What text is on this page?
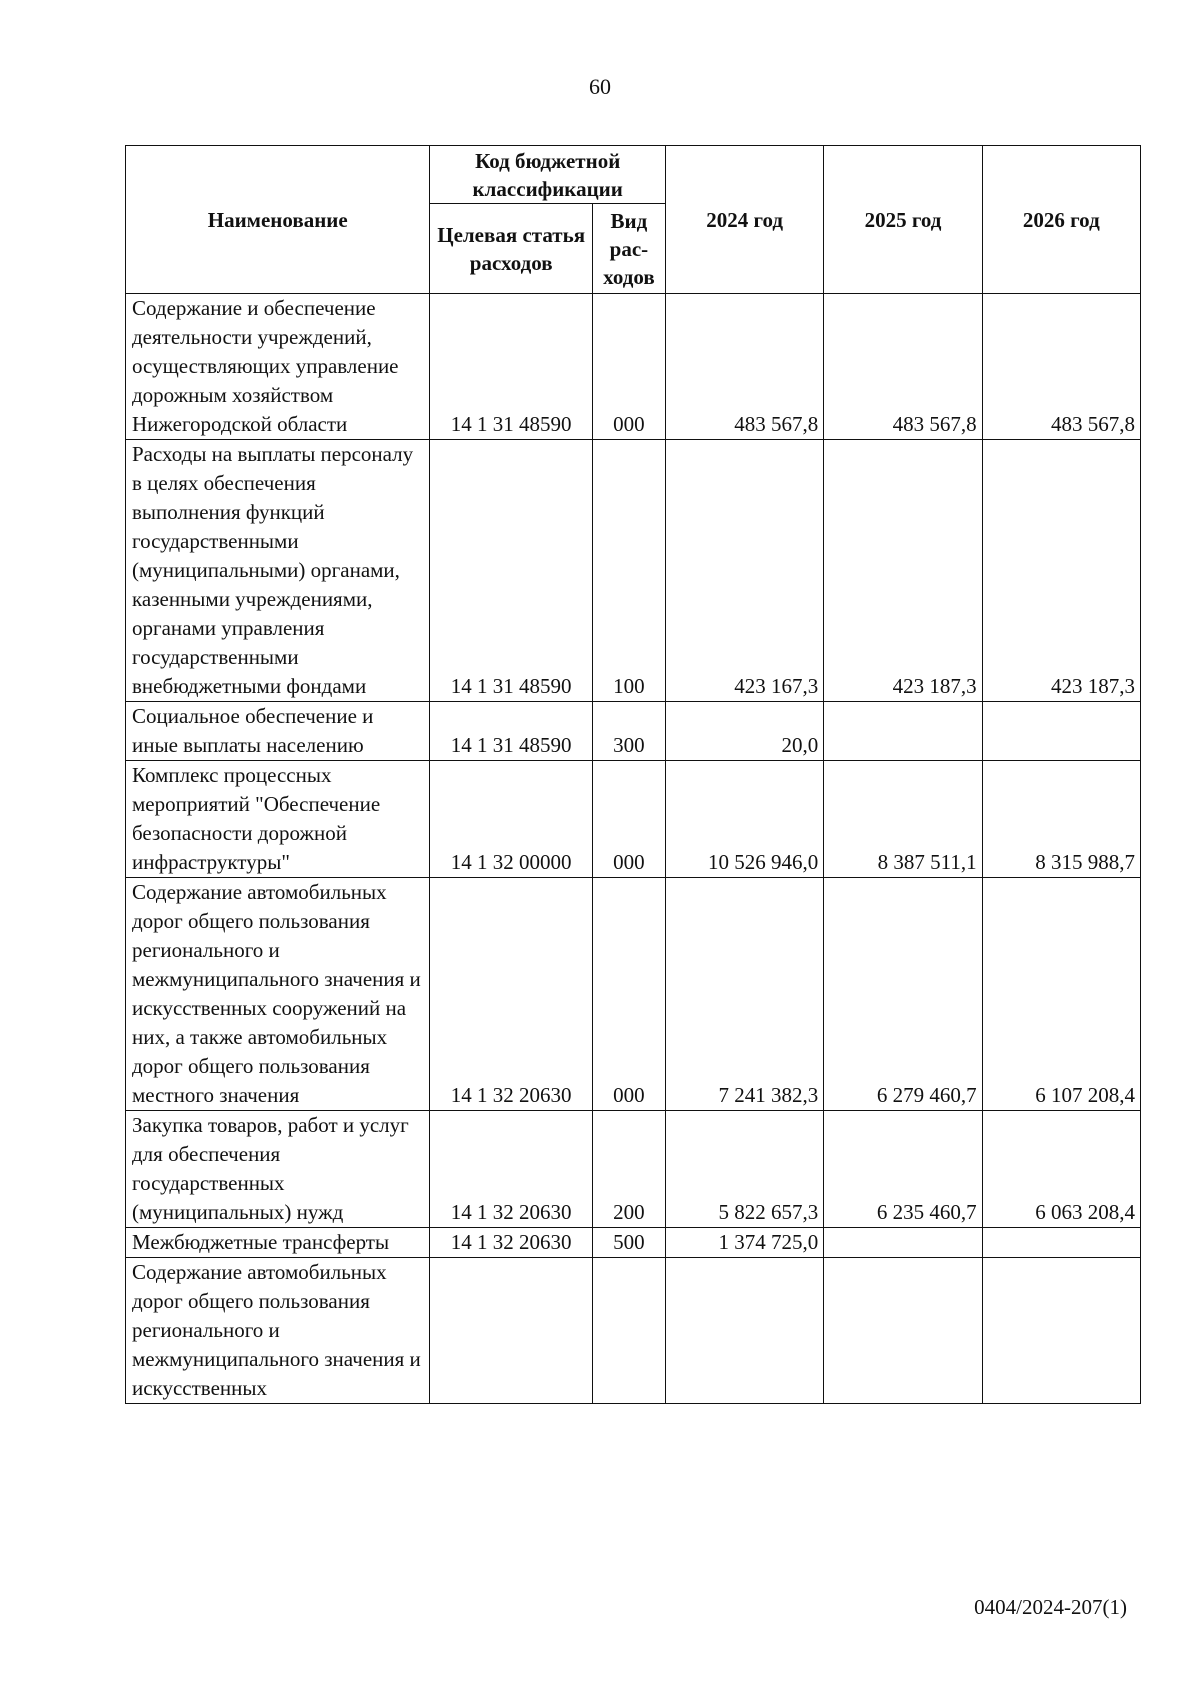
60
Наименование	Код бюджетной классификации		2024 год	2025 год	2026 год
	Целевая статья расходов	Вид рас-ходов			
Содержание и обеспечение деятельности учреждений, осуществляющих управление дорожным хозяйством Нижегородской области	14 1 31 48590	000	483 567,8	483 567,8	483 567,8
Расходы на выплаты персоналу в целях обеспечения выполнения функций государственными (муниципальными) органами, казенными учреждениями, органами управления государственными внебюджетными фондами	14 1 31 48590	100	423 167,3	423 187,3	423 187,3
Социальное обеспечение и иные выплаты населению	14 1 31 48590	300	20,0		
Комплекс процессных мероприятий "Обеспечение безопасности дорожной инфраструктуры"	14 1 32 00000	000	10 526 946,0	8 387 511,1	8 315 988,7
Содержание автомобильных дорог общего пользования регионального и межмуниципального значения и искусственных сооружений на них, а также автомобильных дорог общего пользования местного значения	14 1 32 20630	000	7 241 382,3	6 279 460,7	6 107 208,4
Закупка товаров, работ и услуг для обеспечения государственных (муниципальных) нужд	14 1 32 20630	200	5 822 657,3	6 235 460,7	6 063 208,4
Межбюджетные трансферты	14 1 32 20630	500	1 374 725,0		
Содержание автомобильных дорог общего пользования регионального и межмуниципального значения и искусственных					
0404/2024-207(1)
